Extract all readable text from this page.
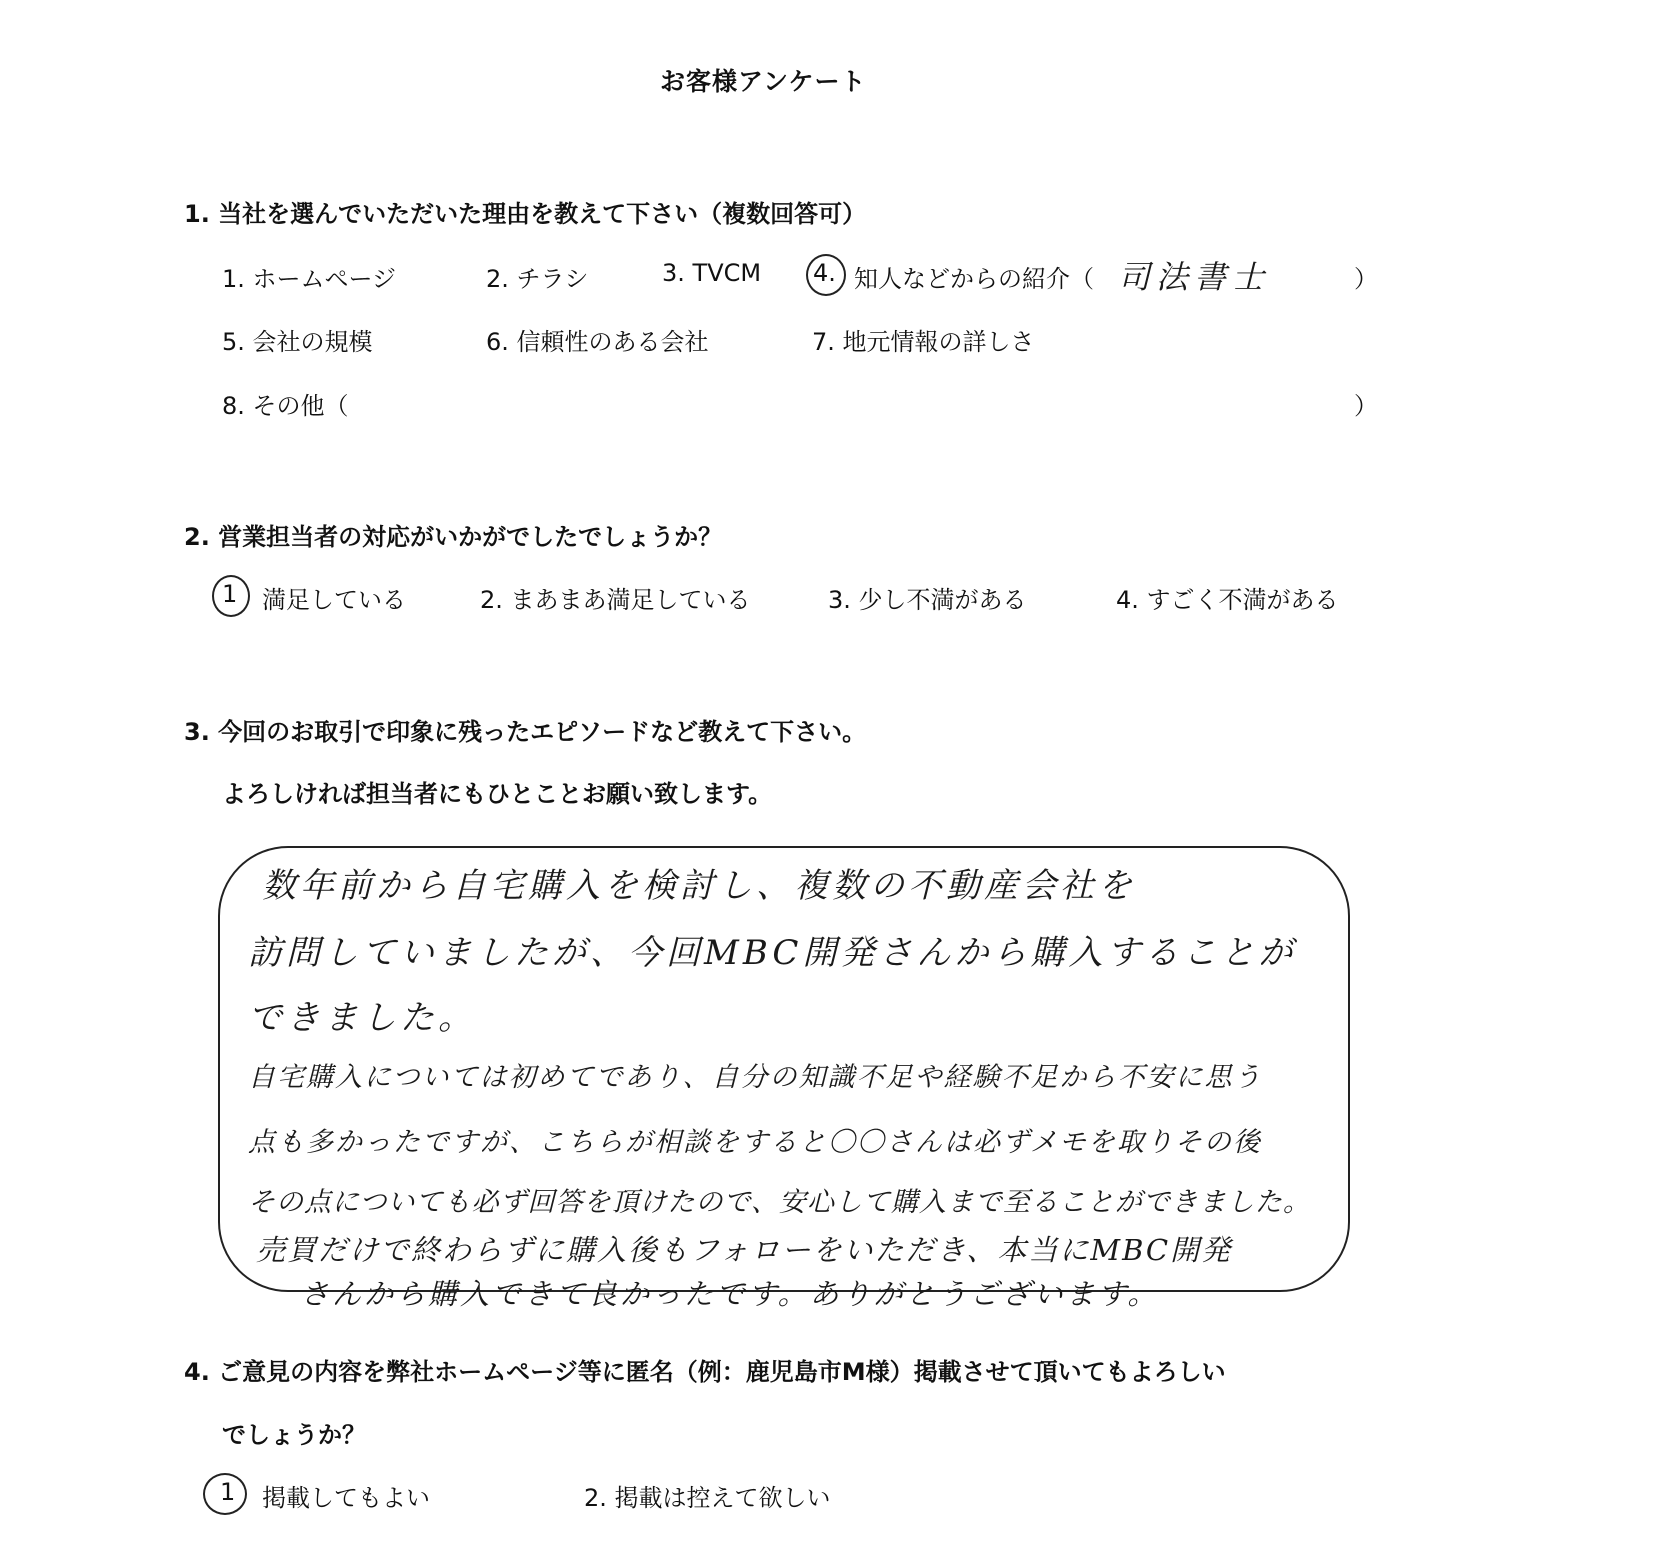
お客様アンケート
1. 当社を選んでいただいた理由を教えて下さい（複数回答可）
1. ホームページ	2. チラシ	3. TVCM 4. 知人などからの紹介（ 司法書士	）
5. 会社の規模	6. 信頼性のある会社	7. 地元情報の詳しさ
8. その他（	）
2. 営業担当者の対応がいかがでしたでしょうか？
1 満足している	2. まあまあ満足している	3. 少し不満がある	4. すごく不満がある
3. 今回のお取引で印象に残ったエピソードなど教えて下さい。
よろしければ担当者にもひとことお願い致します。
数年前から自宅購入を検討し、複数の不動産会社を
訪問していましたが、今回MBC開発さんから購入することが
できました。
自宅購入については初めてであり、自分の知識不足や経験不足から不安に思う
点も多かったですが、こちらが相談をすると〇〇さんは必ずメモを取りその後
その点についても必ず回答を頂けたので、安心して購入まで至ることができました。
売買だけで終わらずに購入後もフォローをいただき、本当にMBC開発
さんから購入できて良かったです。ありがとうございます。
4. ご意見の内容を弊社ホームページ等に匿名（例：鹿児島市M様）掲載させて頂いてもよろしい
でしょうか？
1 掲載してもよい	2. 掲載は控えて欲しい
